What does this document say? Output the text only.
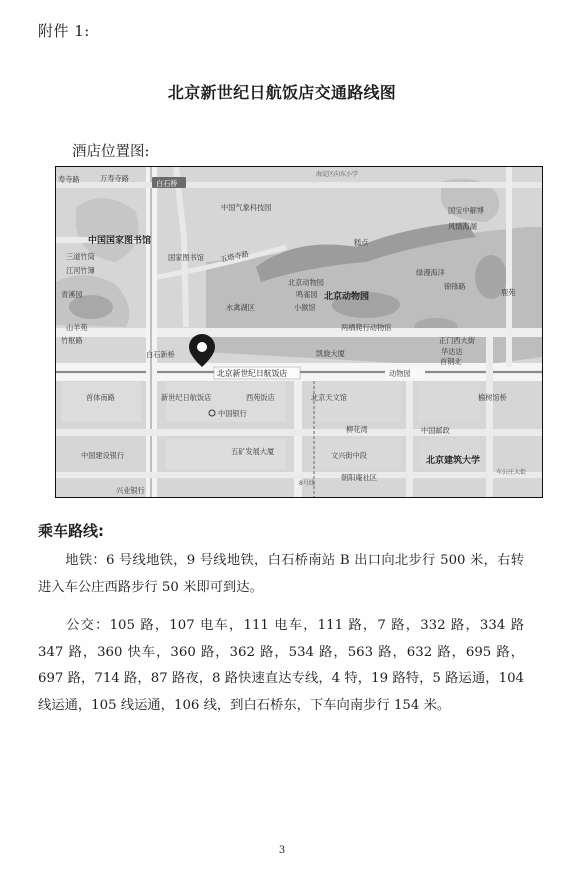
附件 1:
北京新世纪日航饭店交通路线图
酒店位置图:
寿寺路	万寿寺路
白石桥
海淀区向东小学
中国国家图书馆
国家图书馆
中国气象科技园
五塔寺路
国宝中解博
风情海湖
糕点
三道竹筒
绿漫海洋
江河竹簿
北京动物园
北京动物园	锦锋路
鹿苑
鸣雀园
水禽湖区
两栖爬行动物馆
正门西大街
青溪园
山羊苑
竹枢路
小猴馆
白石新桥	凯旋大厦
北京新世纪日航饭店
新世纪日航饭店	西苑饭店
中国银行
动物园
华达达
首钢北
北京天文馆
首体南路
中国建设银行	五矿发展大厦	文兴街中段
中国邮政
柳花湾
朝阳庵社区
榆树馆桥
北京建筑大学
车公庄大街
兴业银行
8号线
乘车路线:
地铁：6 号线地铁，9 号线地铁，白石桥南站 B 出口向北步行 500 米，右转进入车公庄西路步行 50 米即可到达。
公交：105 路，107 电车，111 电车，111 路，7 路，332 路，334 路 347 路，360 快车，360 路，362 路，534 路，563 路，632 路，695 路，697 路，714 路，87 路夜，8 路快速直达专线，4 特，19 路特，5 路运通，104 线运通，105 线运通，106 线，到白石桥东，下车向南步行 154 米。
3
